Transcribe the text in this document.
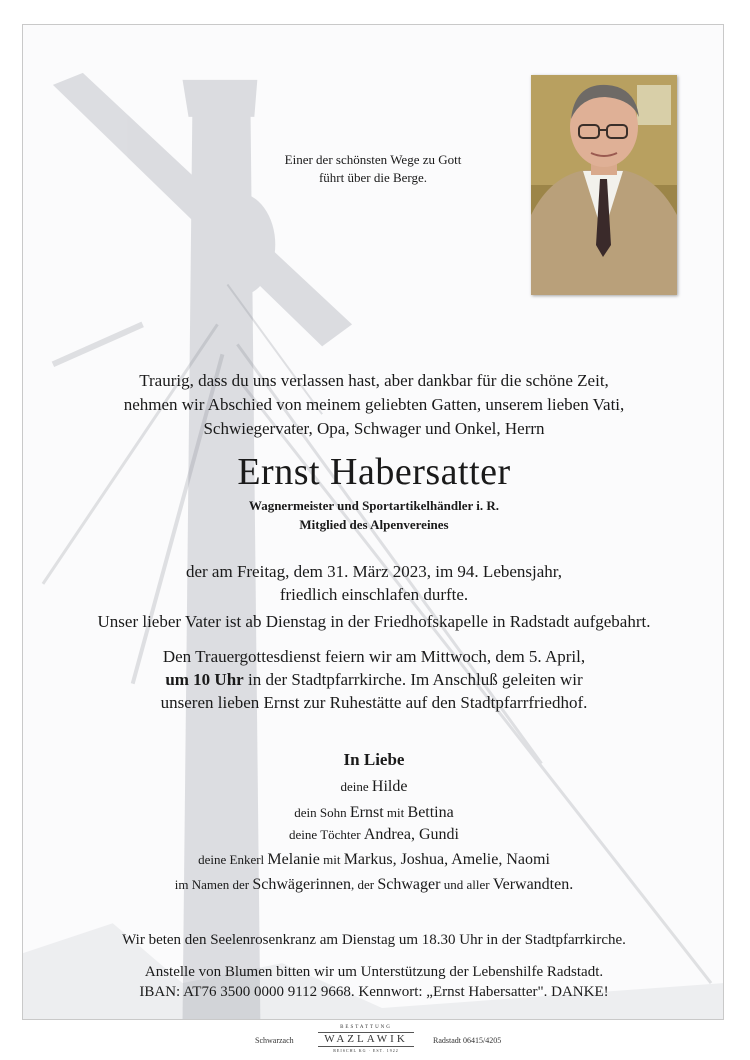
Einer der schönsten Wege zu Gott
führt über die Berge.
Traurig, dass du uns verlassen hast, aber dankbar für die schöne Zeit,
nehmen wir Abschied von meinem geliebten Gatten, unserem lieben Vati,
Schwiegervater, Opa, Schwager und Onkel, Herrn
Ernst Habersatter
Wagnermeister und Sportartikelhändler i. R.
Mitglied des Alpenvereines
der am Freitag, dem 31. März 2023, im 94. Lebensjahr,
friedlich einschlafen durfte.
Unser lieber Vater ist ab Dienstag in der Friedhofskapelle in Radstadt aufgebahrt.
Den Trauergottesdienst feiern wir am Mittwoch, dem 5. April,
um 10 Uhr in der Stadtpfarrkirche. Im Anschluß geleiten wir
unseren lieben Ernst zur Ruhestätte auf den Stadtpfarrfriedhof.
In Liebe
deine Hilde
dein Sohn Ernst mit Bettina
deine Töchter Andrea, Gundi
deine Enkerl Melanie mit Markus, Joshua, Amelie, Naomi
im Namen der Schwägerinnen, der Schwager und aller Verwandten.
Wir beten den Seelenrosenkranz am Dienstag um 18.30 Uhr in der Stadtpfarrkirche.
Anstelle von Blumen bitten wir um Unterstützung der Lebenshilfe Radstadt.
IBAN: AT76 3500 0000 9112 9668. Kennwort: „Ernst Habersatter". DANKE!
Schwarzach
BESTATTUNG
WAZLAWIK
REISCHL KG · EST. 1922
Radstadt 06415/4205
